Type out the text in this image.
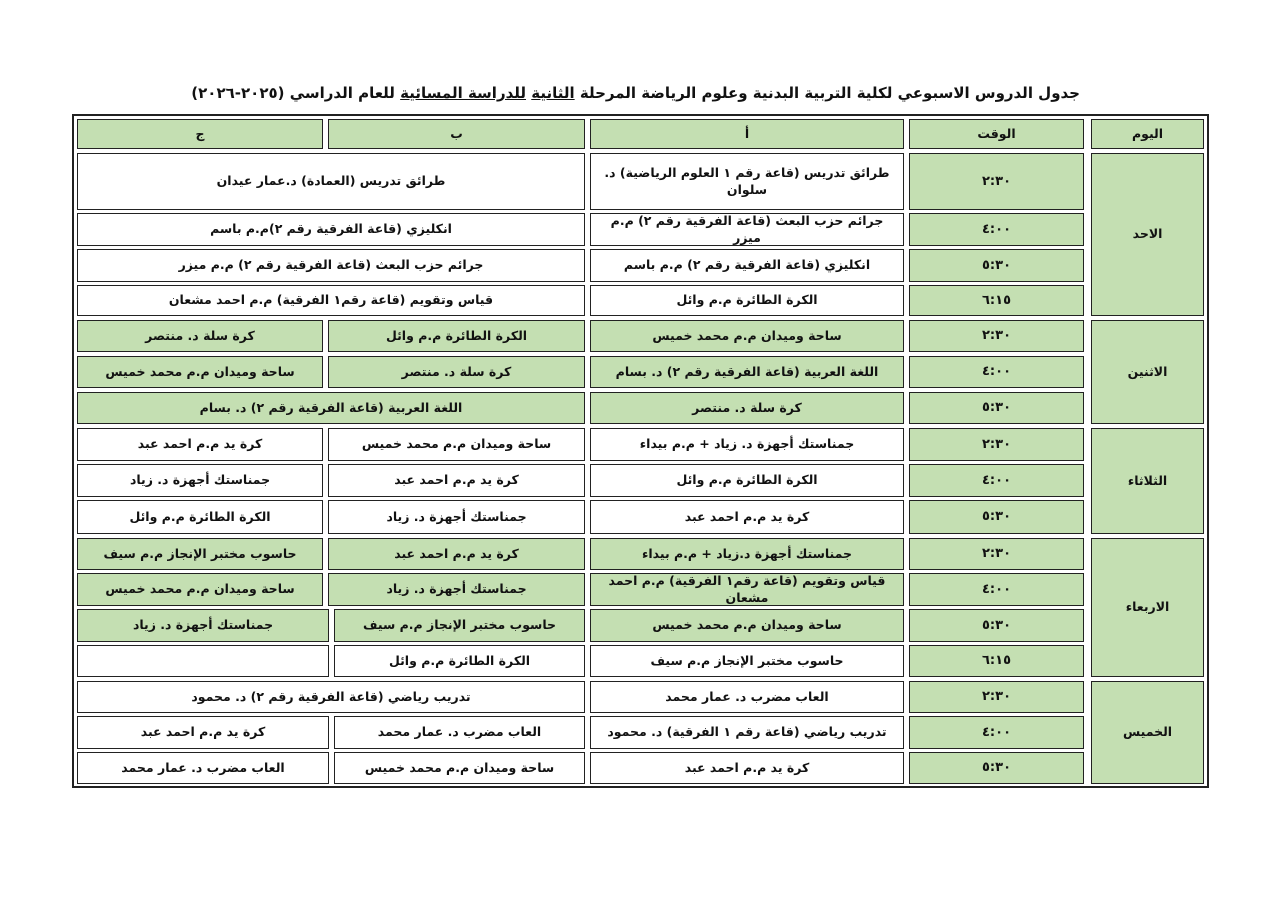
جدول الدروس الاسبوعي لكلية التربية البدنية وعلوم الرياضة المرحلة الثانية للدراسة المسائية للعام الدراسي (٢٠٢٥-٢٠٢٦)
اليوم
الوقت
أ
ب
ج
الاحد
الاثنين
الثلاثاء
الاربعاء
الخميس
٢:٣٠
طرائق تدريس (قاعة رقم ١ العلوم الرياضية) د. سلوان
طرائق تدريس (العمادة) د.عمار عيدان
٤:٠٠
جرائم حزب البعث (قاعة الفرقية رقم ٢) م.م ميزر
انكليزي (قاعة الفرقية رقم ٢)م.م باسم
٥:٣٠
انكليزي (قاعة الفرقية رقم ٢) م.م باسم
جرائم حزب البعث (قاعة الفرقية رقم ٢) م.م ميزر
٦:١٥
الكرة الطائرة م.م وائل
قياس وتقويم (قاعة رقم١ الفرقية) م.م احمد مشعان
٢:٣٠
ساحة وميدان م.م محمد خميس
الكرة الطائرة م.م وائل
كرة سلة د. منتصر
٤:٠٠
اللغة العربية (قاعة الفرقية رقم ٢) د. بسام
كرة سلة د. منتصر
ساحة وميدان م.م محمد خميس
٥:٣٠
كرة سلة د. منتصر
اللغة العربية (قاعة الفرقية رقم ٢) د. بسام
٢:٣٠
جمناستك أجهزة د. زياد + م.م بيداء
ساحة وميدان م.م محمد خميس
كرة يد م.م احمد عبد
٤:٠٠
الكرة الطائرة م.م وائل
كرة يد م.م احمد عبد
جمناستك أجهزة د. زياد
٥:٣٠
كرة يد م.م احمد عبد
جمناستك أجهزة د. زياد
الكرة الطائرة م.م وائل
٢:٣٠
جمناستك أجهزة د.زياد + م.م بيداء
كرة يد م.م احمد عبد
حاسوب مختبر الإنجاز م.م سيف
٤:٠٠
قياس وتقويم (قاعة رقم١ الفرقية) م.م احمد مشعان
جمناستك أجهزة د. زياد
ساحة وميدان م.م محمد خميس
٥:٣٠
ساحة وميدان م.م محمد خميس
حاسوب مختبر الإنجاز م.م سيف
جمناستك أجهزة د. زياد
٦:١٥
حاسوب مختبر الإنجاز م.م سيف
الكرة الطائرة م.م وائل
٢:٣٠
العاب مضرب د. عمار محمد
تدريب رياضي (قاعة الفرقية رقم ٢) د. محمود
٤:٠٠
تدريب رياضي (قاعة رقم ١ الفرقية) د. محمود
العاب مضرب د. عمار محمد
كرة يد م.م احمد عبد
٥:٣٠
كرة يد م.م احمد عبد
ساحة وميدان م.م محمد خميس
العاب مضرب د. عمار محمد
